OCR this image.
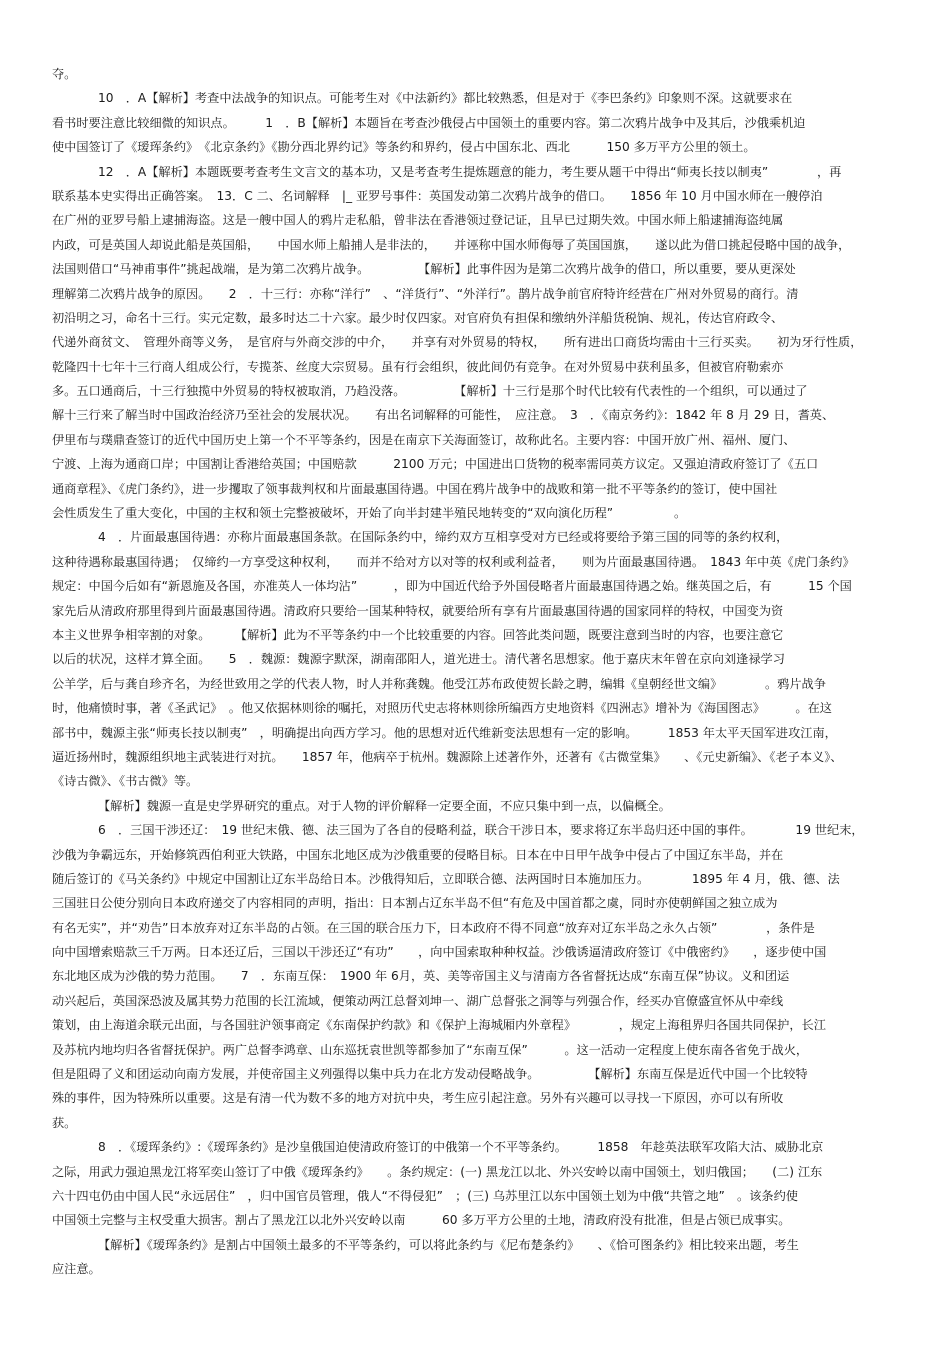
夺。
10　．A【解析】考查中法战争的知识点。可能考生对《中法新约》都比较熟悉，但是对于《李巴条约》印象则不深。这就要求在
看书时要注意比较细微的知识点。　　　1　．B【解析】本题旨在考查沙俄侵占中国领土的重要内容。第二次鸦片战争中及其后，沙俄乘机迫
使中国签订了《瑷珲条约》　《北京条约》《勘分西北界约记》等条约和界约，侵占中国东北、西北　　　150 多万平方公里的领土。
12　．A【解析】本题既要考查考生文言文的基本功，又是考查考生提炼题意的能力，考生要从题干中得出“师夷长技以制夷”　　　　，再
联系基本史实得出正确答案。　13．C 二、名词解释　|_ 亚罗号事件：英国发动第二次鸦片战争的借口。　　1856 年 10 月中国水师在一艘停泊
在广州的亚罗号船上逮捕海盗。这是一艘中国人的鸦片走私船，曾非法在香港领过登记证，且早已过期失效。中国水师上船逮捕海盗纯属
内政，可是英国人却说此船是英国船，　　中国水师上船捕人是非法的，　　并诬称中国水师侮辱了英国国旗，　　遂以此为借口挑起侵略中国的战争，
法国则借口“马神甫事件”挑起战端，是为第二次鸦片战争。　　　　　【解析】此事件因为是第二次鸦片战争的借口，所以重要，要从更深处
理解第二次鸦片战争的原因。　　2　．十三行：亦称“洋行”　、“洋货行”、“外洋行”。鹊片战争前官府特许经营在广州对外贸易的商行。清
初沿明之习，命名十三行。实元定数，最多时达二十六家。最少时仅四家。对官府负有担保和缴纳外洋船货税饷、规礼，传达官府政令、
代递外商贫文、　管理外商等义务，　是官府与外商交涉的中介，　　并享有对外贸易的特权，　　所有进出口商货均需由十三行买卖。　　初为牙行性质，
乾隆四十七年十三行商人组成公行，专揽茶、丝度大宗贸易。虽有行会组织，彼此间仍有竞争。在对外贸易中获利虽多，但被官府勒索亦
多。五口通商后，十三行独揽中外贸易的特权被取消，乃趋没落。　　　　　【解析】十三行是那个时代比较有代表性的一个组织，可以通过了
解十三行来了解当时中国政治经济乃至社会的发展状况。　　有出名词解释的可能性，　应注意。　3　．《南京务约》：1842 年 8 月 29 日，耆英、
伊里布与璞鼎查签订的近代中国历史上第一个不平等条约，因是在南京下关海面签订，故称此名。主要内容：中国开放广州、福州、厦门、
宁渡、上海为通商口岸；中国割让香港给英国；中国赔款　　　2100 万元；中国进出口货物的税率需同英方议定。又强迫清政府签订了《五口
通商章程》、《虎门条约》，进一步攫取了领事裁判权和片面最惠国待遇。中国在鸦片战争中的战败和第一批不平等条约的签订，使中国社
会性质发生了重大变化，中国的主权和领土完整被破坏，开始了向半封建半殖民地转变的“双向演化历程”　　　　　。
4　．片面最惠国待遇：亦称片面最惠国条款。在国际条约中，缔约双方互相享受对方已经或将要给予第三国的同等的条约权利，
这种待遇称最惠国待遇；　仅缔约一方享受这种权利，　　而并不给对方以对等的权利或利益者，　　则为片面最惠国待遇。　1843 年中英《虎门条约》
规定：中国今后如有“新恩施及各国，亦准英人一体均沾”　　　，即为中国近代给予外国侵略者片面最惠国待遇之始。继英国之后，有　　　15 个国
家先后从清政府那里得到片面最惠国待遇。清政府只要给一国某种特权，就要给所有享有片面最惠国待遇的国家同样的特权，中国变为资
本主义世界争相宰割的对象。　　　【解析】此为不平等条约中一个比较重要的内容。回答此类问题，既要注意到当时的内容，也要注意它
以后的状况，这样才算全面。　　5　．魏源：魏源字默深，湖南邵阳人，道光进士。清代著名思想家。他于嘉庆末年曾在京向刘逢禄学习
公羊学，后与龚自珍齐名，为经世致用之学的代表人物，时人并称龚魏。他受江苏布政使贺长龄之聘，编辑《皇朝经世文编》　　　　。鸦片战争
时，他痛愤时事，著《圣武记》　。他又依据林则徐的嘱托，对照历代史志将林则徐所编西方史地资料《四洲志》增补为《海国图志》　　　。在这
部书中，魏源主张“师夷长技以制夷”　，明确提出向西方学习。他的思想对近代维新变法思想有一定的影响。　　　1853 年太平天国军进攻江南，
逼近扬州时，魏源组织地主武装进行对抗。　　1857 年，他病卒于杭州。魏源除上述著作外，还著有《古微堂集》　　、《元史新编》、《老子本义》、
《诗古微》、《书古微》等。
【解析】魏源一直是史学界研究的重点。对于人物的评价解释一定要全面，不应只集中到一点，以偏概全。
6　．三国干涉还辽：　19 世纪末俄、德、法三国为了各自的侵略利益，联合干涉日本，要求将辽东半岛归还中国的事件。　　　　19 世纪末，
沙俄为争霸远东，开始修筑西伯利亚大铁路，中国东北地区成为沙俄重要的侵略目标。日本在中日甲午战争中侵占了中国辽东半岛，并在
随后签订的《马关条约》中规定中国割让辽东半岛给日本。沙俄得知后，立即联合德、法两国时日本施加压力。　　　　1895 年 4 月，俄、德、法
三国驻日公使分别向日本政府递交了内容相同的声明，指出：日本割占辽东半岛不但“有危及中国首都之虞，同时亦使朝鲜国之独立成为
有名无实”，并“劝告”日本放弃对辽东半岛的占领。在三国的联合压力下，日本政府不得不同意“放弃对辽东半岛之永久占领”　　　　，条件是
向中国增索赔款三千万两。日本还辽后，三国以干涉还辽“有功”　　，向中国索取种种权益。沙俄诱逼清政府签订《中俄密约》　　，逐步使中国
东北地区成为沙俄的势力范围。　　7　．东南互保：　1900 年 6月，英、美等帝国主义与清南方各省督抚达成“东南互保”协议。义和团运
动兴起后，英国深恐波及属其势力范围的长江流域，便策动两江总督刘坤一、湖广总督张之洞等与列强合作，经买办官僚盛宣怀从中牵线
策划，由上海道余联元出面，与各国驻沪领事商定《东南保护约款》和《保护上海城厢内外章程》　　　　，规定上海租界归各国共同保护，长江
及苏杭内地均归各省督抚保护。两广总督李鸿章、山东巡抚袁世凯等都参加了“东南互保”　　　。这一活动一定程度上使东南各省免于战火，
但是阻碍了义和团运动向南方发展，并使帝国主义列强得以集中兵力在北方发动侵略战争。　　　　　【解析】东南互保是近代中国一个比较特
殊的事件，因为特殊所以重要。这是有清一代为数不多的地方对抗中央，考生应引起注意。另外有兴趣可以寻找一下原因，亦可以有所收
获。
8　．《瑷珲条约》:《瑷珲条约》是沙皇俄国迫使清政府签订的中俄第一个不平等条约。　　　1858　年趁英法联军攻陷大沽、威胁北京
之际，用武力强迫黑龙江将军奕山签订了中俄《瑷珲条约》　　。条约规定：(一) 黑龙江以北、外兴安岭以南中国领土，划归俄国；　　(二) 江东
六十四屯仍由中国人民“永远居住”　，归中国官员管理，俄人“不得侵犯”　；(三) 乌苏里江以东中国领土划为中俄“共管之地”　。该条约使
中国领土完整与主权受重大损害。割占了黑龙江以北外兴安岭以南　　　60 多万平方公里的土地，清政府没有批准，但是占领已成事实。
【解析】《瑷珲条约》是割占中国领土最多的不平等条约，可以将此条约与《尼布楚条约》　　、《恰可图条约》相比较来出题，考生
应注意。
